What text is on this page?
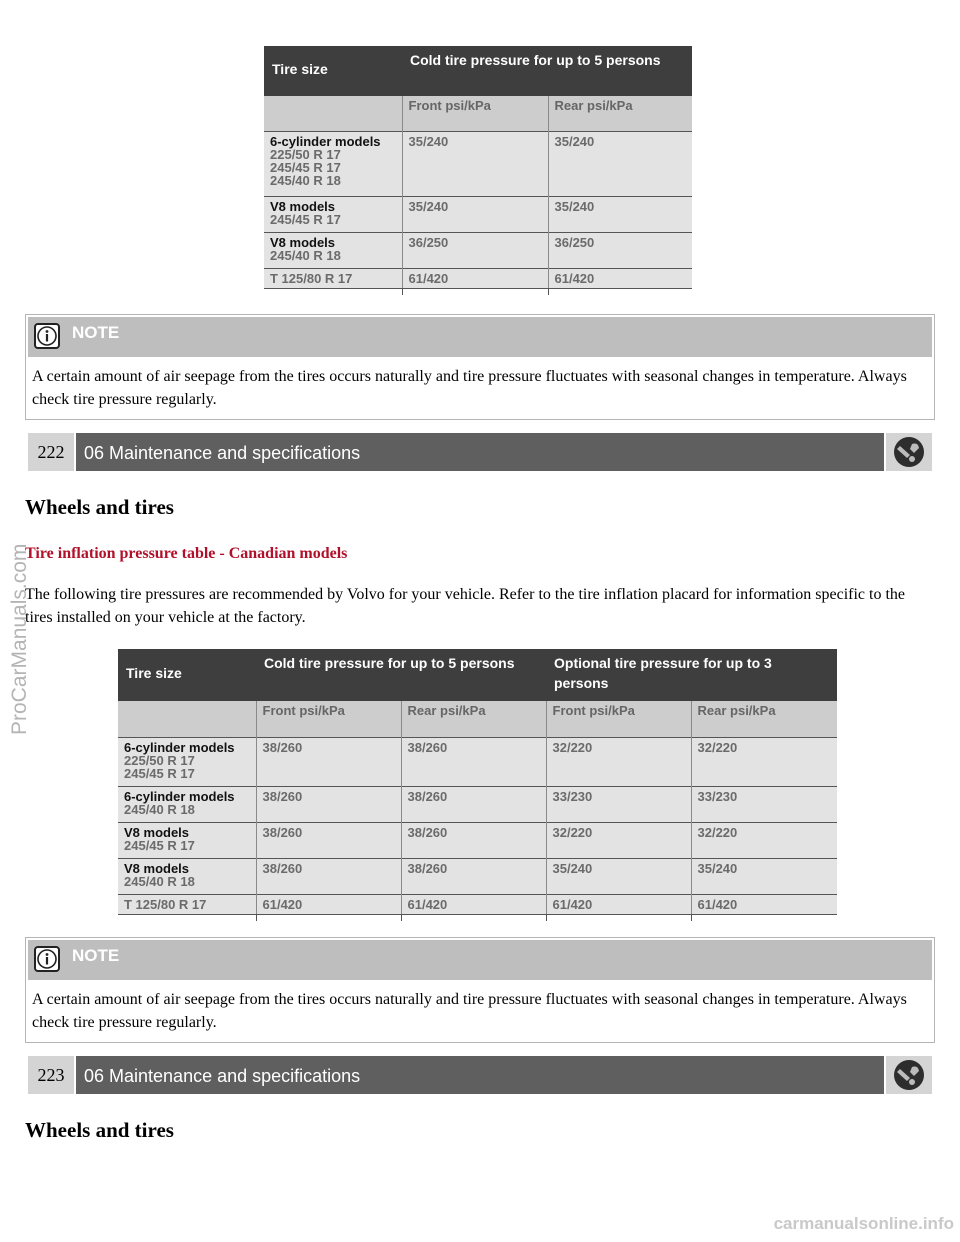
Tire size	Cold tire pressure for up to 5 persons	
	Front psi/kPa	Rear psi/kPa

6-cylinder models
225/50 R 17
245/45 R 17
245/40 R 18	35/240	35/240

V8 models
245/45 R 17	35/240	35/240

V8 models
245/40 R 18	36/250	36/250

T 125/80 R 17	61/420	61/420

NOTE
A certain amount of air seepage from the tires occurs naturally and tire pressure fluctuates with seasonal changes in temperature. Always check tire pressure regularly.
222	06 Maintenance and specifications
Wheels and tires
Tire inflation pressure table - Canadian models
The following tire pressures are recommended by Volvo for your vehicle. Refer to the tire inflation placard for information specific to the tires installed on your vehicle at the factory.
Tire size	Cold tire pressure for up to 5 persons		Optional tire pressure for up to 3 persons	
	Front psi/kPa	Rear psi/kPa	Front psi/kPa	Rear psi/kPa

6-cylinder models
225/50 R 17
245/45 R 17	38/260	38/260	32/220	32/220

6-cylinder models
245/40 R 18	38/260	38/260	33/230	33/230

V8 models
245/45 R 17	38/260	38/260	32/220	32/220

V8 models
245/40 R 18	38/260	38/260	35/240	35/240

T 125/80 R 17	61/420	61/420	61/420	61/420

NOTE
A certain amount of air seepage from the tires occurs naturally and tire pressure fluctuates with seasonal changes in temperature. Always check tire pressure regularly.
223	06 Maintenance and specifications
Wheels and tires
ProCarManuals.com
carmanualsonline.info
